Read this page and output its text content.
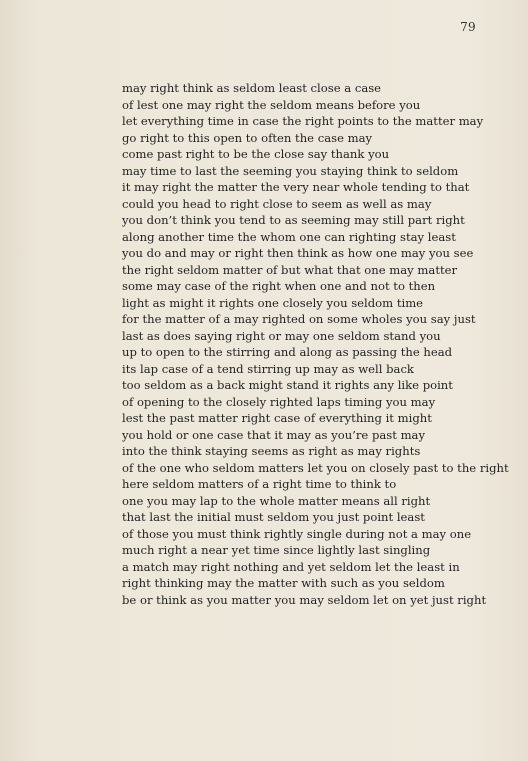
79
may right think as seldom least close a case
of lest one may right the seldom means before you
let everything time in case the right points to the matter may
go right to this open to often the case may
come past right to be the close say thank you
may time to last the seeming you staying think to seldom
it may right the matter the very near whole tending to that
could you head to right close to seem as well as may
you don’t think you tend to as seeming may still part right
along another time the whom one can righting stay least
you do and may or right then think as how one may you see
the right seldom matter of but what that one may matter
some may case of the right when one and not to then
light as might it rights one closely you seldom time
for the matter of a may righted on some wholes you say just
last as does saying right or may one seldom stand you
up to open to the stirring and along as passing the head
its lap case of a tend stirring up may as well back
too seldom as a back might stand it rights any like point
of opening to the closely righted laps timing you may
lest the past matter right case of everything it might
you hold or one case that it may as you’re past may
into the think staying seems as right as may rights
of the one who seldom matters let you on closely past to the right
here seldom matters of a right time to think to
one you may lap to the whole matter means all right
that last the initial must seldom you just point least
of those you must think rightly single during not a may one
much right a near yet time since lightly last singling
a match may right nothing and yet seldom let the least in
right thinking may the matter with such as you seldom
be or think as you matter you may seldom let on yet just right
